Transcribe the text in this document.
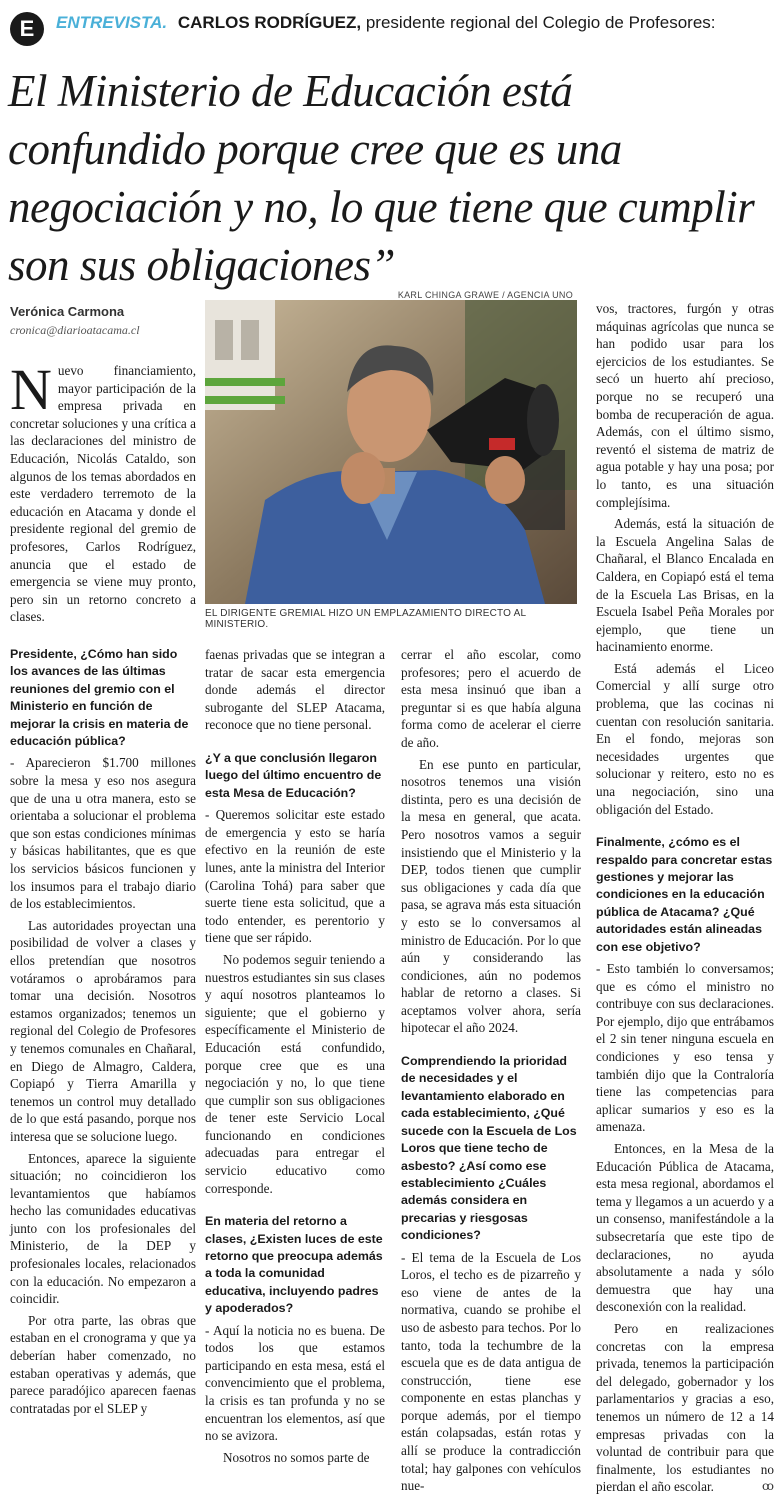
E	ENTREVISTA. CARLOS RODRÍGUEZ, presidente regional del Colegio de Profesores:
El Ministerio de Educación está confundido porque cree que es una negociación y no, lo que tiene que cumplir son sus obligaciones”
Verónica Carmona
cronica@diarioatacama.cl
KARL CHINGA GRAWE / AGENCIA UNO
EL DIRIGENTE GREMIAL HIZO UN EMPLAZAMIENTO DIRECTO AL MINISTERIO.
N uevo financiamiento, mayor participación de la empresa privada en concretar soluciones y una crítica a las declaraciones del ministro de Educación, Nicolás Cataldo, son algunos de los temas abordados en este verdadero terremoto de la educación en Atacama y donde el presidente regional del gremio de profesores, Carlos Rodríguez, anuncia que el estado de emergencia se viene muy pronto, pero sin un retorno concreto a clases.

Presidente, ¿Cómo han sido los avances de las últimas reuniones del gremio con el Ministerio en función de mejorar la crisis en materia de educación pública?

- Aparecieron $1.700 millones sobre la mesa y eso nos asegura que de una u otra manera, esto se orientaba a solucionar el problema que son estas condiciones mínimas y básicas habilitantes, que es que los servicios básicos funcionen y los insumos para el trabajo diario de los establecimientos.

Las autoridades proyectan una posibilidad de volver a clases y ellos pretendían que nosotros votáramos o aprobáramos para tomar una decisión. Nosotros estamos organizados; tenemos un regional del Colegio de Profesores y tenemos comunales en Chañaral, en Diego de Almagro, Caldera, Copiapó y Tierra Amarilla y tenemos un control muy detallado de lo que está pasando, porque nos interesa que se solucione luego.

Entonces, aparece la siguiente situación; no coincidieron los levantamientos que habíamos hecho las comunidades educativas junto con los profesionales del Ministerio, de la DEP y profesionales locales, relacionados con la educación. No empezaron a coincidir.

Por otra parte, las obras que estaban en el cronograma y que ya deberían haber comenzado, no estaban operativas y además, que parece paradójico aparecen faenas contratadas por el SLEP y

faenas privadas que se integran a tratar de sacar esta emergencia donde además el director subrogante del SLEP Atacama, reconoce que no tiene personal.

¿Y a que conclusión llegaron luego del último encuentro de esta Mesa de Educación?

- Queremos solicitar este estado de emergencia y esto se haría efectivo en la reunión de este lunes, ante la ministra del Interior (Carolina Tohá) para saber que suerte tiene esta solicitud, que a todo entender, es perentorio y tiene que ser rápido.

No podemos seguir teniendo a nuestros estudiantes sin sus clases y aquí nosotros planteamos lo siguiente; que el gobierno y específicamente el Ministerio de Educación está confundido, porque cree que es una negociación y no, lo que tiene que cumplir son sus obligaciones de tener este Servicio Local funcionando en condiciones adecuadas para entregar el servicio educativo como corresponde.

En materia del retorno a clases, ¿Existen luces de este retorno que preocupa además a toda la comunidad educativa, incluyendo padres y apoderados?

- Aquí la noticia no es buena. De todos los que estamos participando en esta mesa, está el convencimiento que el problema, la crisis es tan profunda y no se encuentran los elementos, así que no se avizora.

Nosotros no somos parte de

cerrar el año escolar, como profesores; pero el acuerdo de esta mesa insinuó que iban a preguntar si es que había alguna forma como de acelerar el cierre de año.

En ese punto en particular, nosotros tenemos una visión distinta, pero es una decisión de la mesa en general, que acata. Pero nosotros vamos a seguir insistiendo que el Ministerio y la DEP, todos tienen que cumplir sus obligaciones y cada día que pasa, se agrava más esta situación y esto se lo conversamos al ministro de Educación. Por lo que aún y considerando las condiciones, aún no podemos hablar de retorno a clases. Si aceptamos volver ahora, sería hipotecar el año 2024.

Comprendiendo la prioridad de necesidades y el levantamiento elaborado en cada establecimiento, ¿Qué sucede con la Escuela de Los Loros que tiene techo de asbesto? ¿Así como ese establecimiento ¿Cuáles además considera en precarias y riesgosas condiciones?

- El tema de la Escuela de Los Loros, el techo es de pizarreño y eso viene de antes de la normativa, cuando se prohibe el uso de asbesto para techos. Por lo tanto, toda la techumbre de la escuela que es de data antigua de construcción, tiene ese componente en estas planchas y porque además, por el tiempo están colapsadas, están rotas y allí se produce la contradicción total; hay galpones con vehículos nue-

vos, tractores, furgón y otras máquinas agrícolas que nunca se han podido usar para los ejercicios de los estudiantes. Se secó un huerto ahí precioso, porque no se recuperó una bomba de recuperación de agua. Además, con el último sismo, reventó el sistema de matriz de agua potable y hay una posa; por lo tanto, es una situación complejísima.

Además, está la situación de la Escuela Angelina Salas de Chañaral, el Blanco Encalada en Caldera, en Copiapó está el tema de la Escuela Las Brisas, en la Escuela Isabel Peña Morales por ejemplo, que tiene un hacinamiento enorme.

Está además el Liceo Comercial y allí surge otro problema, que las cocinas ni cuentan con resolución sanitaria. En el fondo, mejoras son necesidades urgentes que solucionar y reitero, esto no es una negociación, sino una obligación del Estado.

Finalmente, ¿cómo es el respaldo para concretar estas gestiones y mejorar las condiciones en la educación pública de Atacama? ¿Qué autoridades están alineadas con ese objetivo?

- Esto también lo conversamos; que es cómo el ministro no contribuye con sus declaraciones. Por ejemplo, dijo que entrábamos el 2 sin tener ninguna escuela en condiciones y eso tensa y también dijo que la Contraloría tiene las competencias para aplicar sumarios y eso es la amenaza.

Entonces, en la Mesa de la Educación Pública de Atacama, esta mesa regional, abordamos el tema y llegamos a un acuerdo y a un consenso, manifestándole a la subsecretaría que este tipo de declaraciones, no ayuda absolutamente a nada y sólo demuestra que hay una desconexión con la realidad.

Pero en realizaciones concretas con la empresa privada, tenemos la participación del delegado, gobernador y los parlamentarios y gracias a eso, tenemos un número de 12 a 14 empresas privadas con la voluntad de contribuir para que finalmente, los estudiantes no pierdan el año escolar.	ꝏ
